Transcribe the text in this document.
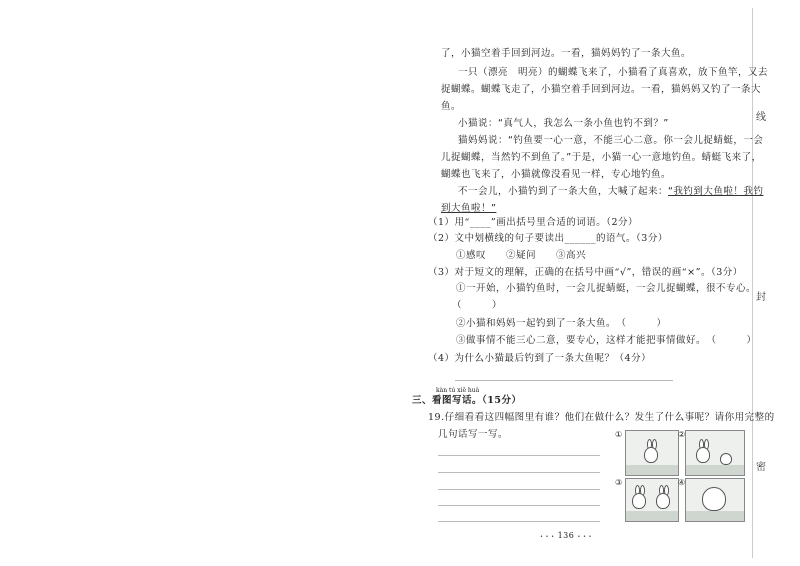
线
封
密
了，小猫空着手回到河边。一看，猫妈妈钓了一条大鱼。
一只（漂亮　明亮）的蝴蝶飞来了，小猫看了真喜欢，放下鱼竿，又去
捉蝴蝶。蝴蝶飞走了，小猫空着手回到河边。一看，猫妈妈又钓了一条大
鱼。
小猫说：“真气人，我怎么一条小鱼也钓不到？”
猫妈妈说：“钓鱼要一心一意，不能三心二意。你一会儿捉蜻蜓，一会
儿捉蝴蝶，当然钓不到鱼了。”于是，小猫一心一意地钓鱼。蜻蜓飞来了，
蝴蝶也飞来了，小猫就像没看见一样，专心地钓鱼。
不一会儿，小猫钓到了一条大鱼，大喊了起来：“我钓到大鱼啦！我钓
到大鱼啦！”
（1）用“____”画出括号里合适的词语。（2分）
（2）文中划横线的句子要读出______的语气。（3分）
①感叹　　②疑问　　③高兴
（3）对于短文的理解，正确的在括号中画“√”，错误的画“×”。（3分）
①一开始，小猫钓鱼时，一会儿捉蜻蜓，一会儿捉蝴蝶，很不专心。
（　　　）
②小猫和妈妈一起钓到了一条大鱼。　（　　　）
③做事情不能三心二意，要专心，这样才能把事情做好。　（　　　）
（4）为什么小猫最后钓到了一条大鱼呢？（4分）
kàn tú xiě huà
三、看图写话。（15分）
19.仔细看看这四幅图里有谁？他们在做什么？发生了什么事呢？请你用完整的
几句话写一写。	①	②
③	④
• • • 136 • • •
